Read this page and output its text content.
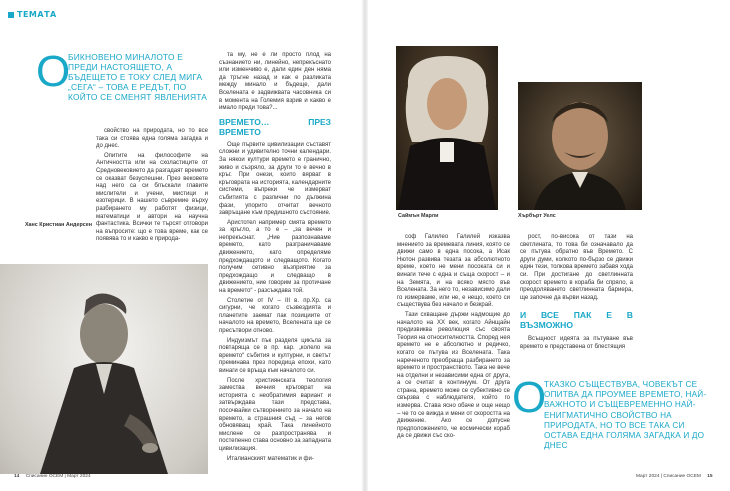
ТЕМАТА
О
БИКНОВЕНО МИНАЛОТО Е ПРЕДИ НАСТОЯЩЕТО, А БЪДЕЩЕТО Е ТОКУ СЛЕД МИГА „СЕГА“ – ТОВА Е РЕДЪТ, ПО КОЙТО СЕ СМЕНЯТ ЯВЛЕНИЯТА
Ханс Кристиан Андерсен

свойство на природата, но то все така си стоява една голяма загадка и до днес.

Опитите на философите на Античността или на схоластиците от Средновековието да разгадаят времето се оказват безуспешни. През вековете над него са си блъскали главите мислители и учени, мистици и езотерици. В нашето съвремие върху разбирането му работят физици, математици и автори на научна фантастика. Всички те търсят отговори на въпросите: що е това време, как се появява то и какво е природа-

та му, не е ли просто плод на съзнанието ни, линейно, непрекъснато или изменчиво е, дали един ден няма да тръгне назад и как е разликата между минало и бъдеще, дали Вселената е задвижвата часовника си в момента на Големия взрив и какво е имало преди това?...

ВРЕМЕТО… ПРЕЗ ВРЕМЕТО

Още първите цивилизации съставят сложни и удивително точни календари. За някои култури времето е гранично, живо и съзряло, за други то е вечно в кръг. При онези, които вярват в кръговрата на историята, календарните системи, въпреки че измерват събитията с различни по дължина фази, упорито отчитат вечното завръщане към предишното състояние.

Аристотел например смята времето за кръгло, а то е – „за вечен и непрекъснат. „Ние разпознаваме времето, като разграничаваме движението, като определяме предхождащото и следващото. Когато получим сетивно възприятие за предхождащо и следващо в движението, ние говорим за протичане на времето“ - разсъждава той.

Столетие от IV – III в. пр.Хр. са сигурни, че когато съзвездията и планетите заемат пак позициите от началото на времето, Вселената ще се пресътвори отново.

Индуизмът пък разделя цикъла за повтаряща се в пр. кар. „колело на времето“ събития и културни, и светът преминава през поредица епохи, като винаги се връща към началото си.

После християнската теология замества вечния кръговрат на историята с необратимия вариант и затвърждава тази представа, посочвайки сътворението за начало на времето, а страшния съд – за негов обновяващ край. Така линейното мислене се разпространява и постепенно става основно за западната цивилизация.

Италианският математик и фи-

14 Списание ОСЕМ | Март 2024
Саймън Марли	Хърбърт Уелс

соф Галилео Галилей изказва мнението за времевата линия, която се движи само в една посока, а Исак Нютон развива тезата за абсолютното време, което не мени посоката си и винаги тече с една и съща скорост – и на Земята, и на всяко място във Вселената. За него то, независимо дали го измерваме, или не, е нещо, което си съществува без начало и безкрай.

Тази схващане държи надмощие до началото на XX век, когато Айнщайн предизвиква революция със своята Теория на относителността. Според нея времето не е абсолютно и редичко, когато се пътува из Вселената. Така нареченото преобраща разбирането за времето и пространството. Така не вече на отделни и независими една от друга, а се считат в континуум. От друга страна, времето може се субективно се свързва с наблюдателя, който го измерва. Става ясно обаче и още нещо – че то се вижда и мени от скоростта на движение. Ако се допусне предположението, че космически кораб да се движи със ско-

рост, по-висока от тази на светлината, то това би означавало да се пътува обратно във Времето. С други думи, колкото по-бързо се движи един тези, толкова времето забавя хода си. При достигане до светлинната скорост времето в кораба би спряло, а преодоляването светлинната бариера, ще започне да върви назад.

И ВСЕ ПАК Е В ВЪЗМОЖНО

Всъщност идеята за пътуване във времето е представена от блестящия

О
ТКАЗКО СЪЩЕСТВУВА, ЧОВЕКЪТ СЕ ОПИТВА ДА ПРОУМЕЕ ВРЕМЕТО, НАЙ-ВАЖНОТО И СЪЩЕВРЕМЕННО НАЙ-ЕНИГМАТИЧНО СВОЙСТВО НА ПРИРОДАТА, НО ТО ВСЕ ТАКА СИ ОСТАВА ЕДНА ГОЛЯМА ЗАГАДКА И ДО ДНЕС
Март 2024 | Списание ОСЕМ 15
